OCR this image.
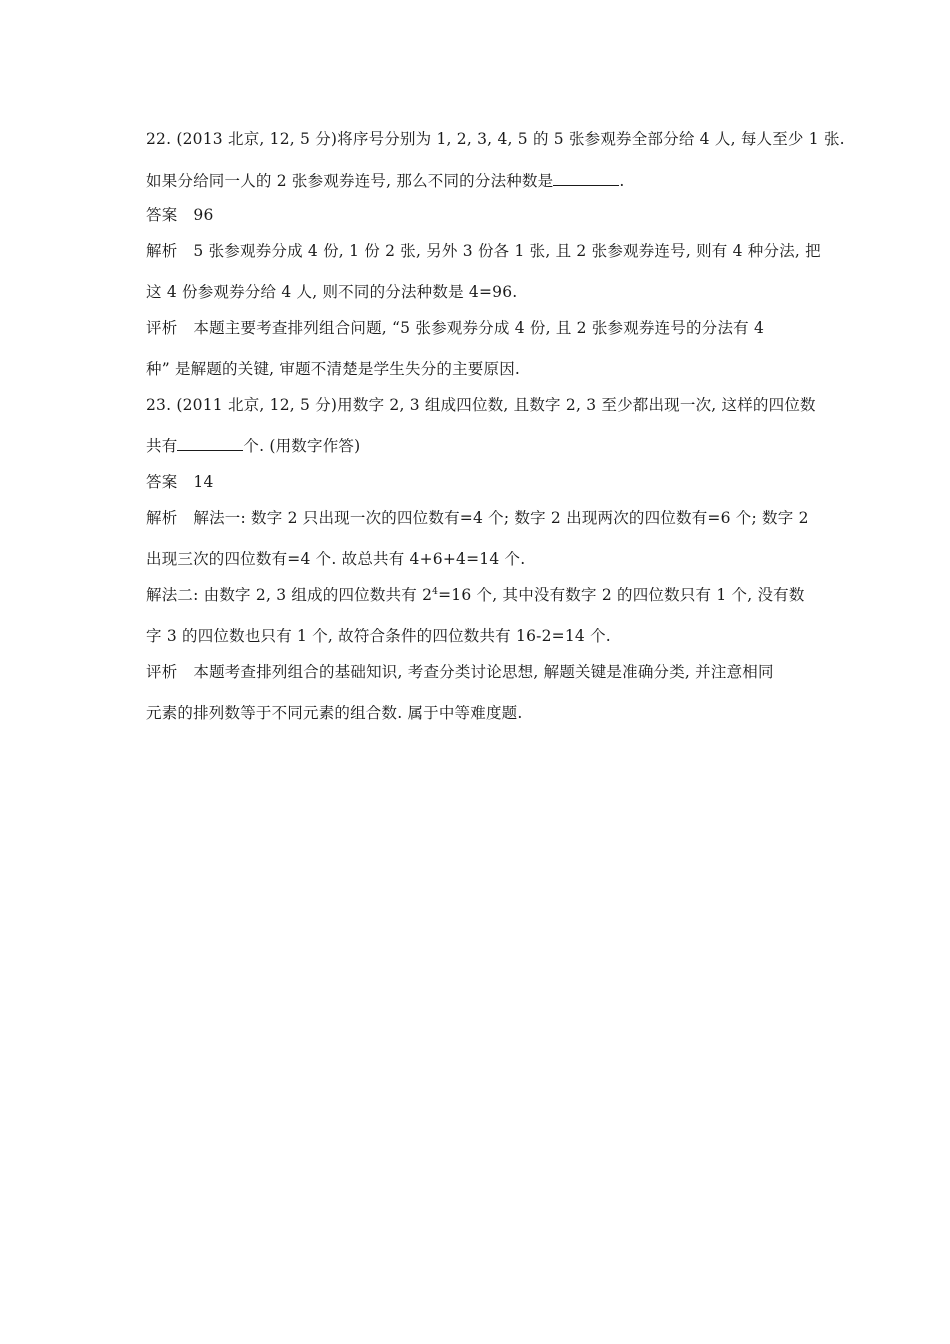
22. (2013 北京, 12, 5 分)将序号分别为 1, 2, 3, 4, 5 的 5 张参观券全部分给 4 人, 每人至少 1 张.
如果分给同一人的 2 张参观券连号, 那么不同的分法种数是	.
答案 96
解析 5 张参观券分成 4 份, 1 份 2 张, 另外 3 份各 1 张, 且 2 张参观券连号, 则有 4 种分法, 把
这 4 份参观券分给 4 人, 则不同的分法种数是 4=96.
评析 本题主要考查排列组合问题, “5 张参观券分成 4 份, 且 2 张参观券连号的分法有 4
种” 是解题的关键, 审题不清楚是学生失分的主要原因.
23. (2011 北京, 12, 5 分)用数字 2, 3 组成四位数, 且数字 2, 3 至少都出现一次, 这样的四位数
共有	个. (用数字作答)
答案 14
解析 解法一: 数字 2 只出现一次的四位数有=4 个; 数字 2 出现两次的四位数有=6 个; 数字 2
出现三次的四位数有=4 个. 故总共有 4+6+4=14 个.
解法二: 由数字 2, 3 组成的四位数共有 $2^4=16$ 个, 其中没有数字 2 的四位数只有 1 个, 没有数
字 3 的四位数也只有 1 个, 故符合条件的四位数共有 16-2=14 个.
评析 本题考查排列组合的基础知识, 考查分类讨论思想, 解题关键是准确分类, 并注意相同
元素的排列数等于不同元素的组合数. 属于中等难度题.
